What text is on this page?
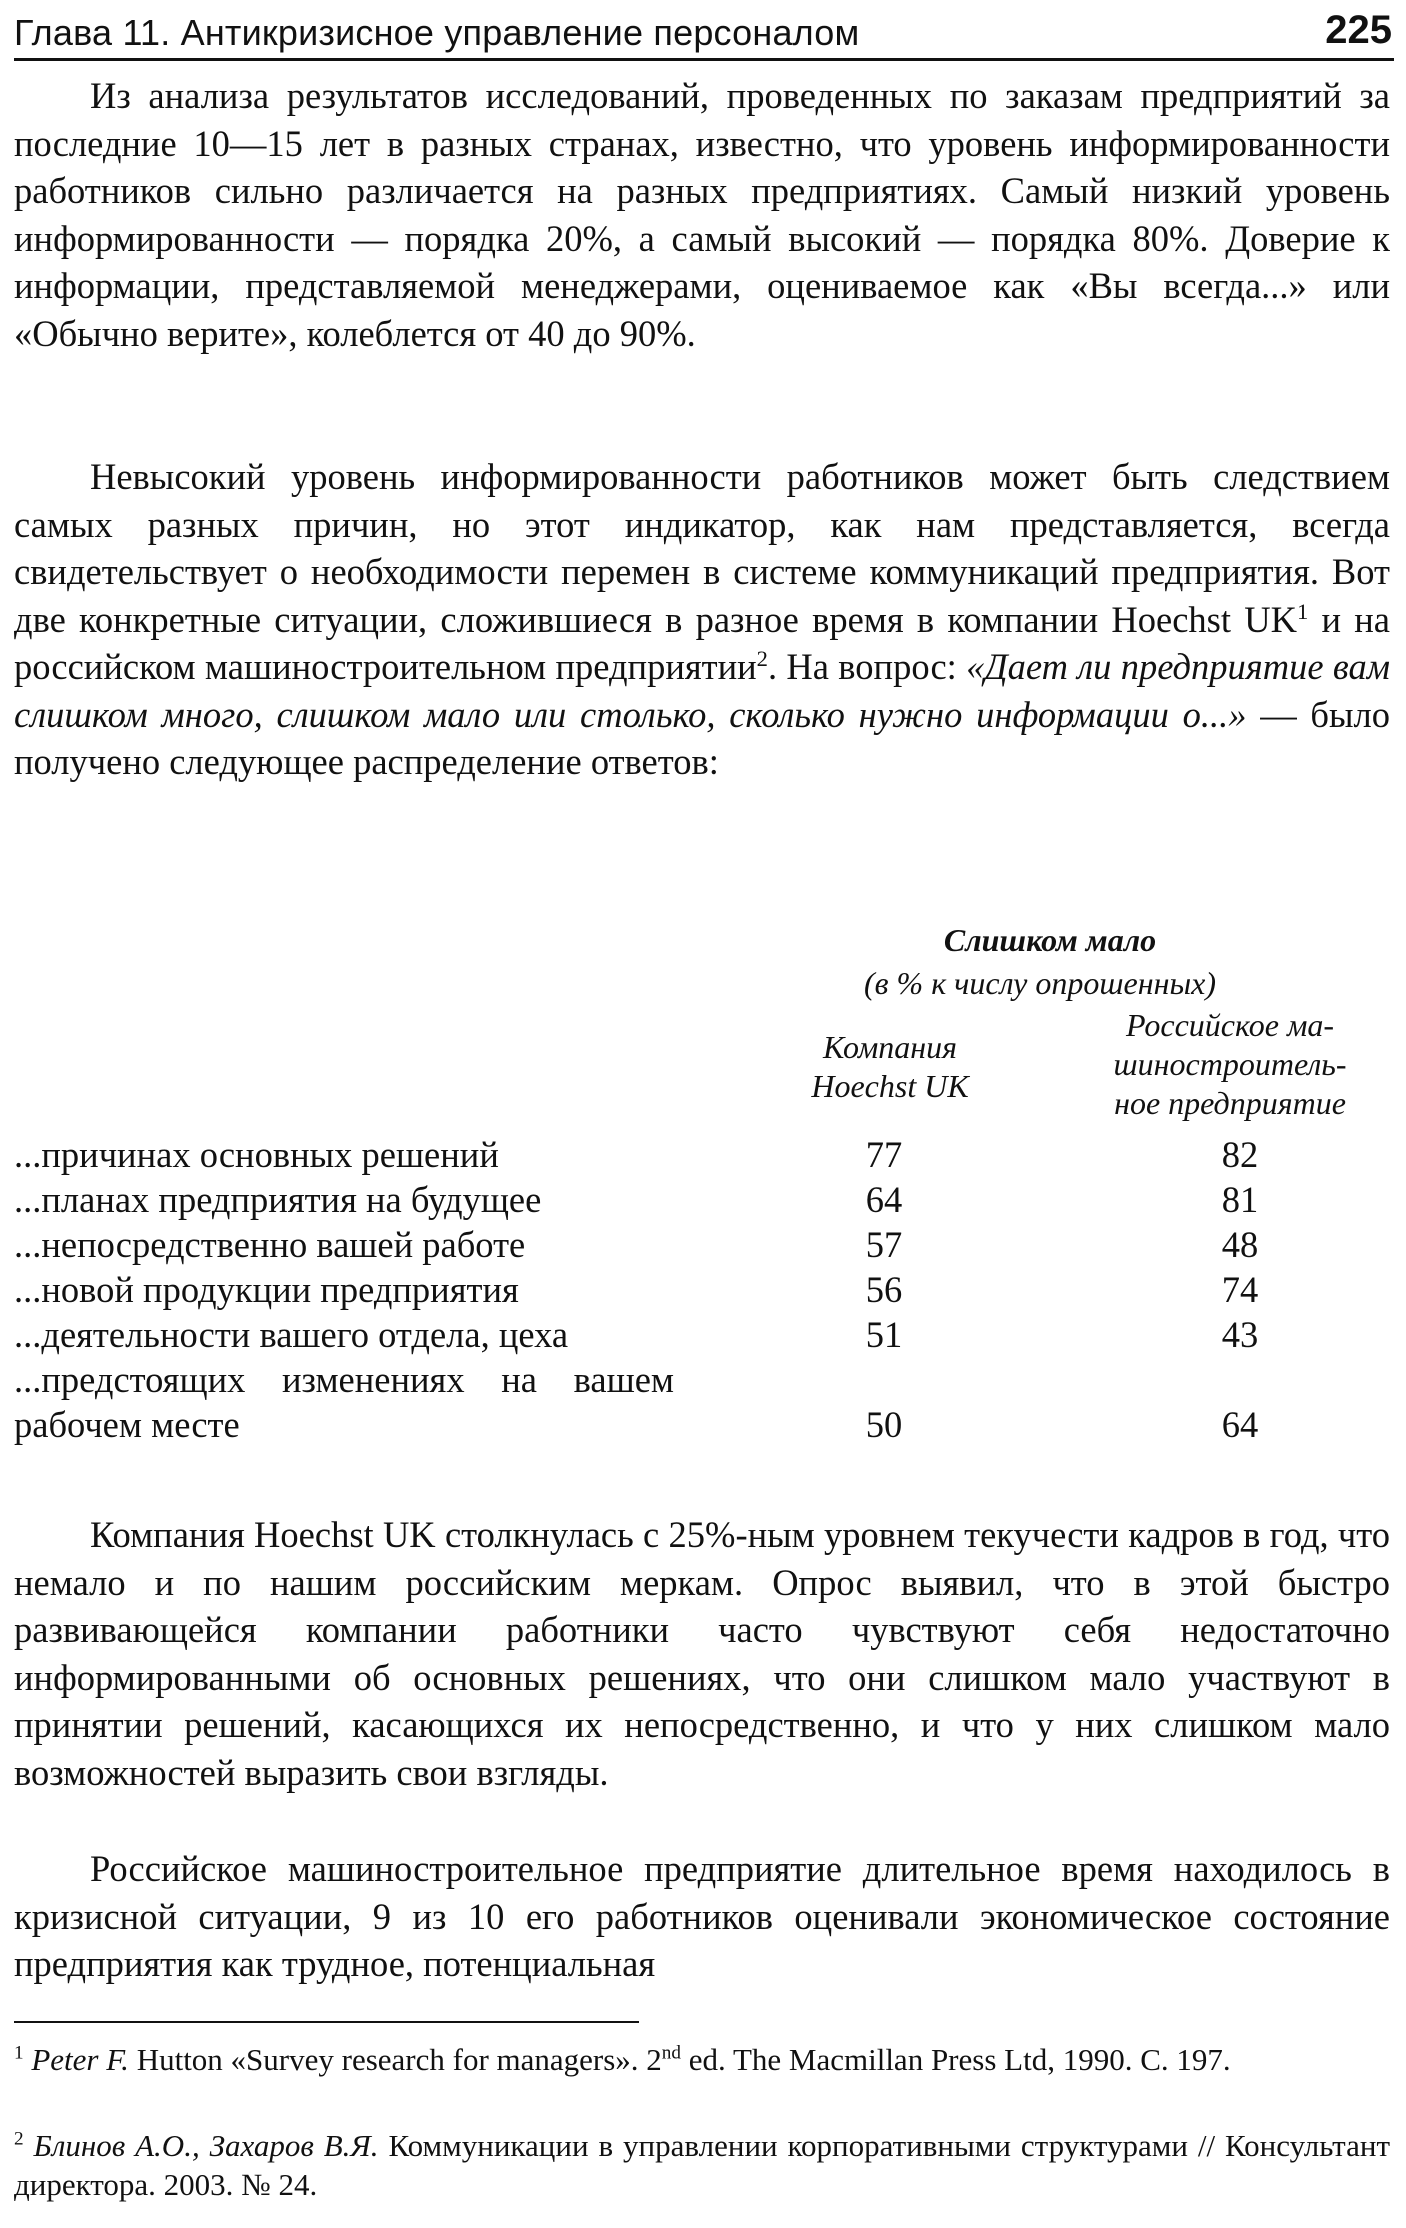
Глава 11. Антикризисное управление персоналом	225

Из анализа результатов исследований, проведенных по заказам предприятий за последние 10—15 лет в разных странах, известно, что уровень информированности работников сильно различается на разных предприятиях. Самый низкий уровень информированности — порядка 20%, а самый высокий — порядка 80%. Доверие к информации, представляемой менеджерами, оцениваемое как «Вы всегда...» или «Обычно верите», колеблется от 40 до 90%.

Невысокий уровень информированности работников может быть следствием самых разных причин, но этот индикатор, как нам представляется, всегда свидетельствует о необходимости перемен в системе коммуникаций предприятия. Вот две конкретные ситуации, сложившиеся в разное время в компании Hoechst $UK^1$ и на российском машиностроительном предприятии$^2$. На вопрос: «Дает ли предприятие вам слишком много, слишком мало или столько, сколько нужно информации о...» — было получено следующее распределение ответов:

Слишком мало
(в % к числу опрошенных)
Компания
Hoechst UK
Российское ма-
шиностроитель-
ное предприятие
...причинах основных решений	77	82
...планах предприятия на будущее	64	81
...непосредственно вашей работе	57	48
...новой продукции предприятия	56	74
...деятельности вашего отдела, цеха	51	43
...предстоящих изменениях на вашем рабочем месте	50	64

Компания Hoechst UK столкнулась с 25%-ным уровнем текучести кадров в год, что немало и по нашим российским меркам. Опрос выявил, что в этой быстро развивающейся компании работники часто чувствуют себя недостаточно информированными об основных решениях, что они слишком мало участвуют в принятии решений, касающихся их непосредственно, и что у них слишком мало возможностей выразить свои взгляды.

Российское машиностроительное предприятие длительное время находилось в кризисной ситуации, 9 из 10 его работников оценивали экономическое состояние предприятия как трудное, потенциальная

$^1$ Peter F. Hutton «Survey research for managers». 2nd ed. The Macmillan Press Ltd, 1990. С. 197.

$^2$ Блинов А.О., Захаров В.Я. Коммуникации в управлении корпоративными структурами // Консультант директора. 2003. № 24.
